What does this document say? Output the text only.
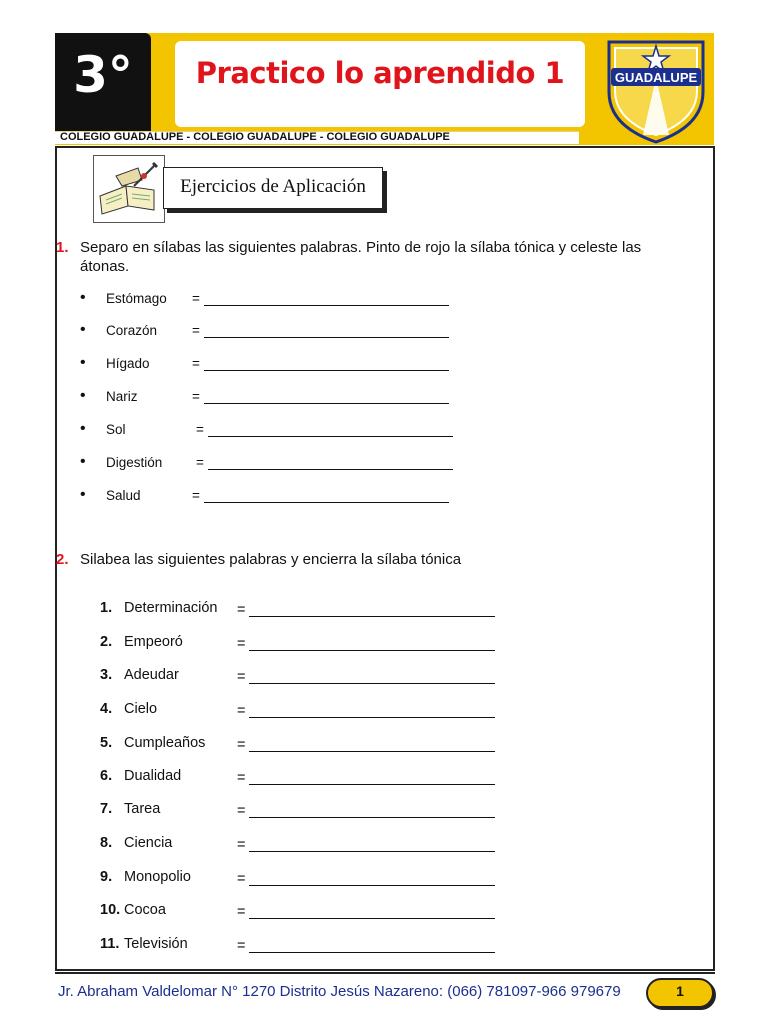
3°	Practico lo aprendido 1
COLEGIO GUADALUPE - COLEGIO GUADALUPE - COLEGIO GUADALUPE
GUADALUPE
Ejercicios de Aplicación
1. Separo en sílabas las siguientes palabras. Pinto de rojo la sílaba tónica y celeste las átonas.
• Estómago =
• Corazón	=
• Hígado	=
• Nariz	=
• Sol	=
• Digestión =
• Salud	=
2. Silabea las siguientes palabras y encierra la sílaba tónica
1. Determinación =
2. Empeoró	=
3. Adeudar	=
4. Cielo	=
5. Cumpleaños =
6. Dualidad	=
7. Tarea	=
8. Ciencia	=
9. Monopolio	=
10. Cocoa	=
11. Televisión	=
Jr. Abraham Valdelomar N° 1270 Distrito Jesús Nazareno: (066) 781097-966 979679	1
